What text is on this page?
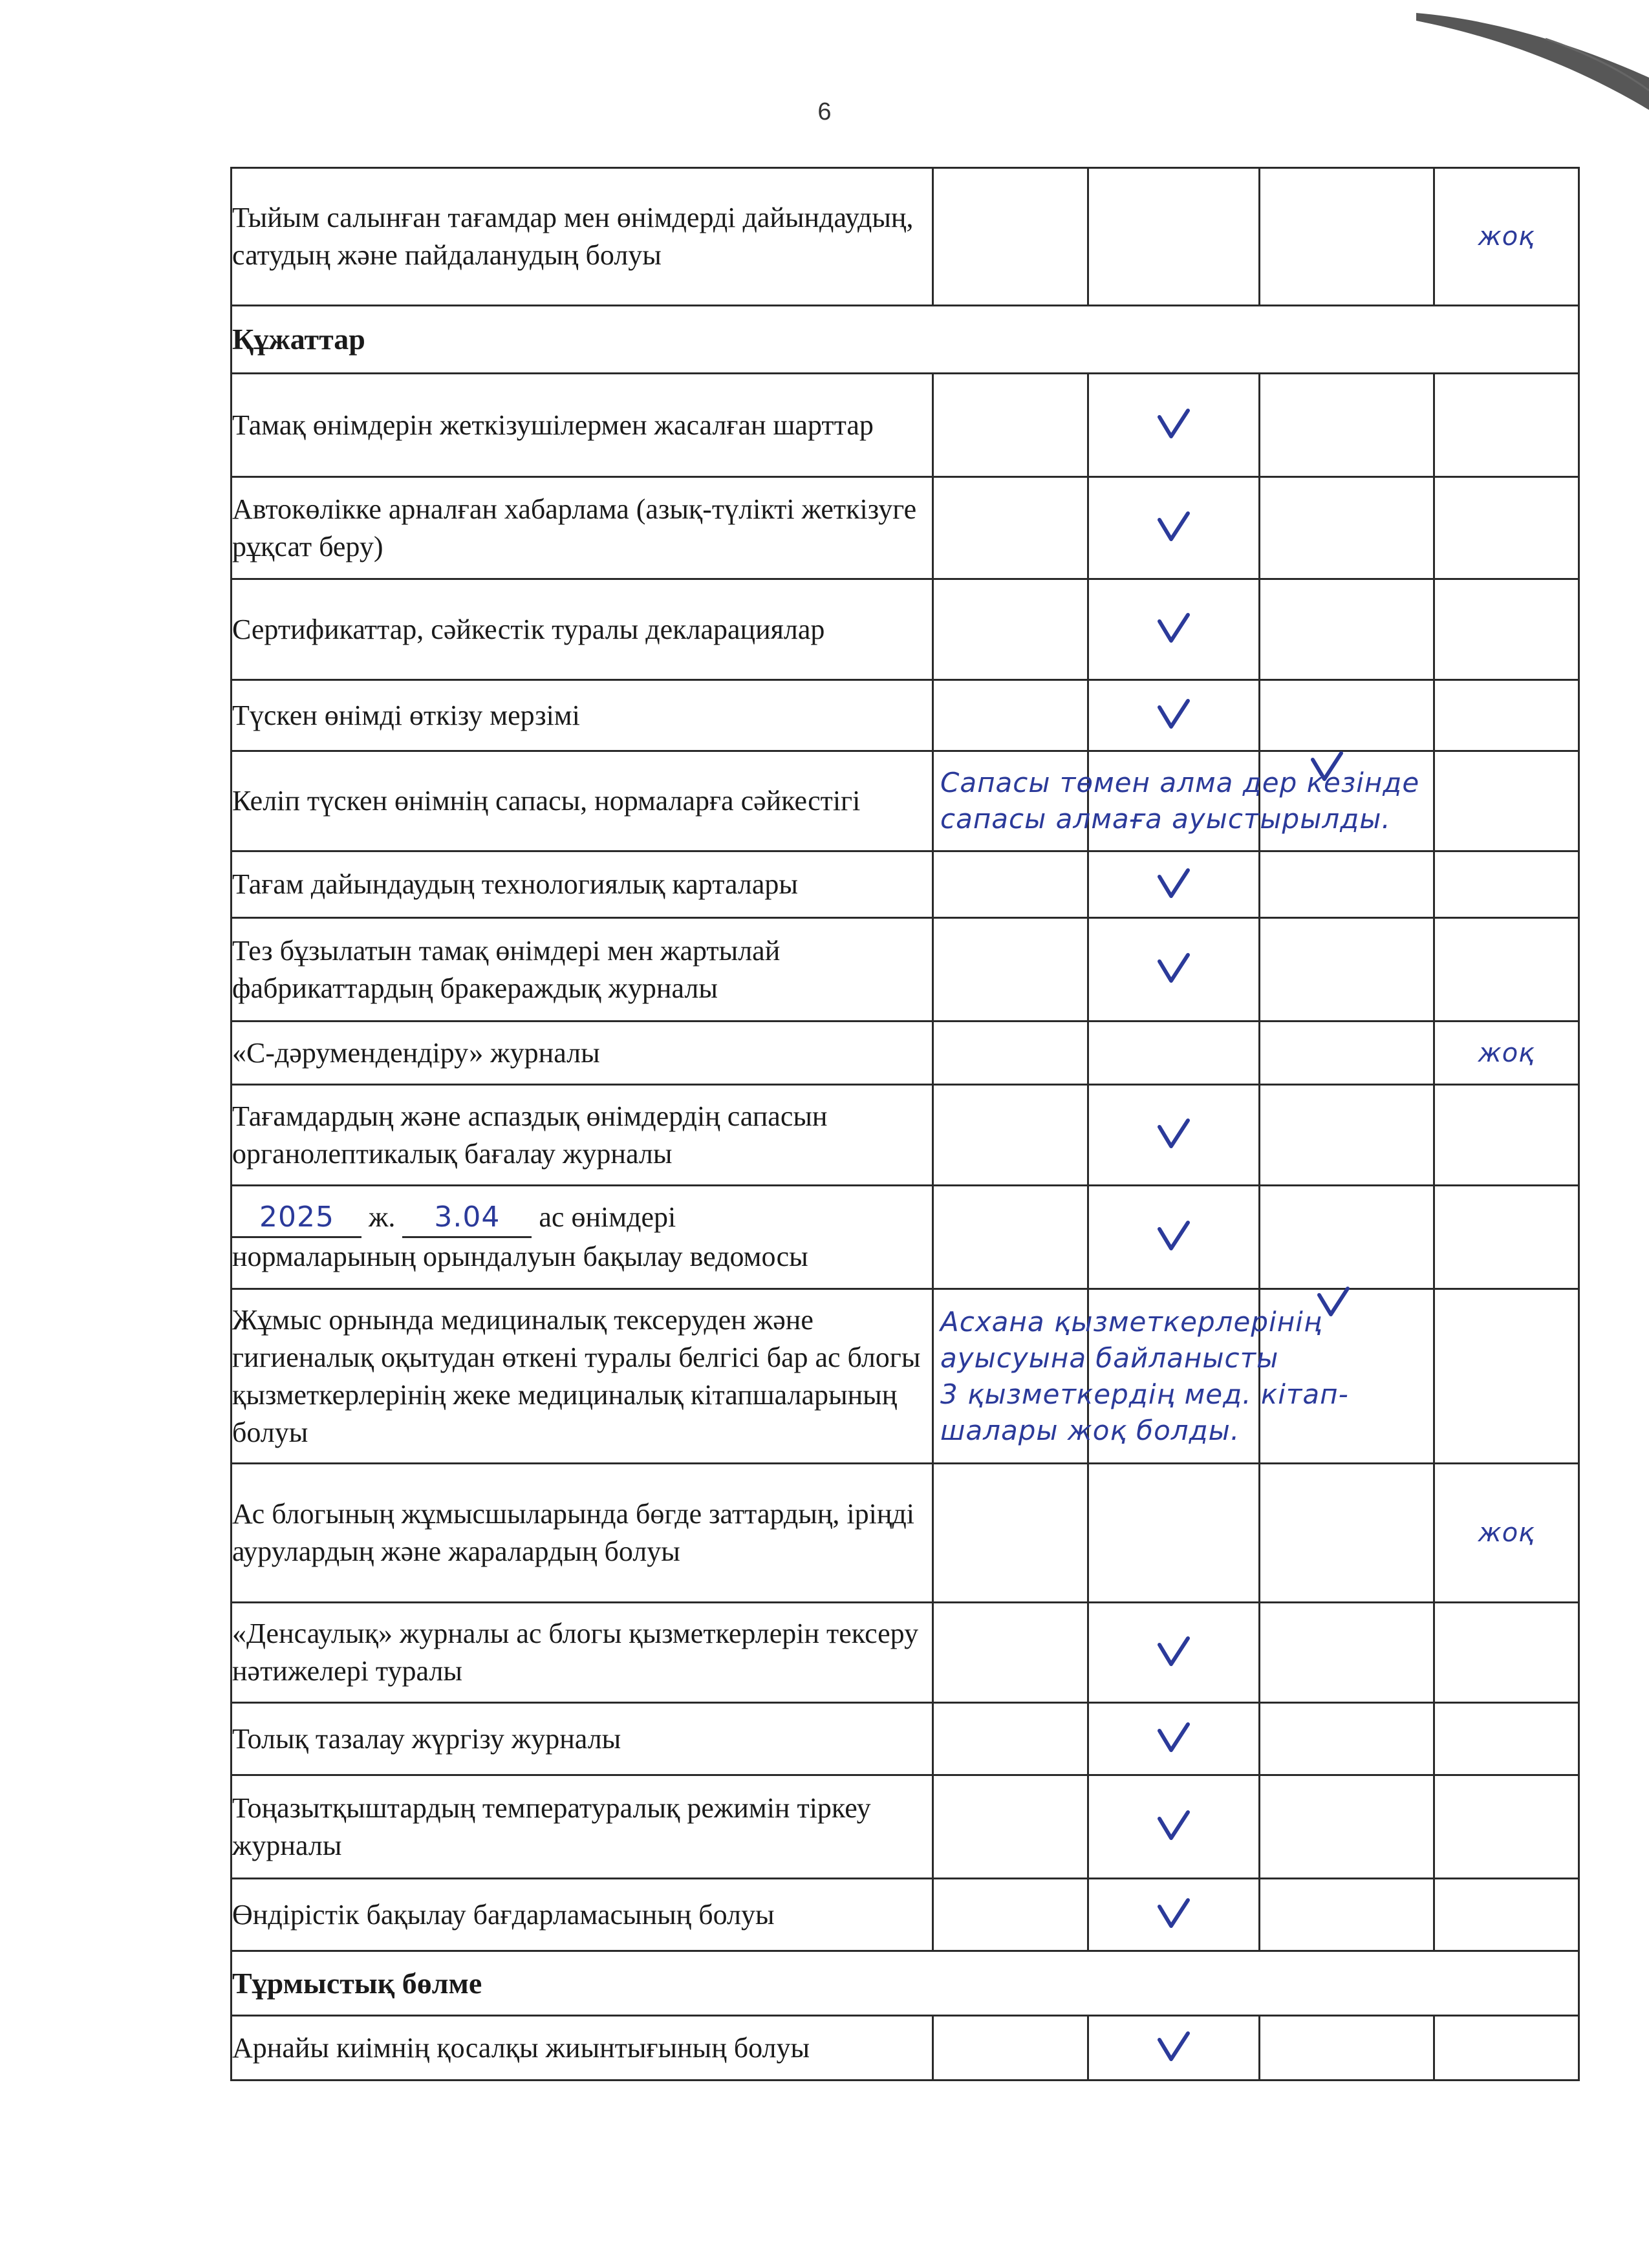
6
Тыйым салынған тағамдар мен өнімдерді дайындаудың, сатудың және пайдаланудың болуы				жоқ
Құжаттар				
Тамақ өнімдерін жеткізушілермен жасалған шарттар				
Автокөлікке арналған хабарлама (азық-түлікті жеткізуге рұқсат беру)				
Сертификаттар, сәйкестік туралы декларациялар				
Түскен өнімді өткізу мерзімі				
Келіп түскен өнімнің сапасы, нормаларға сәйкестігі	Сапасы төмен алма дер кезінде
сапасы алмаға ауыстырылды.			

Тағам дайындаудың технологиялық карталары				
Тез бұзылатын тамақ өнімдері мен жартылай фабрикаттардың бракераждық журналы				
«С-дәрумендендіру» журналы				жоқ
Тағамдардың және аспаздық өнімдердің сапасын органолептикалық бағалау журналы				
2025 ж. 3.04 ас өнімдері
нормаларының орындалуын бақылау ведомосы				
Жұмыс орнында медициналық тексеруден және гигиеналық оқытудан өткені туралы белгісі бар ас блогы қызметкерлерінің жеке медициналық кітапшаларының болуы	Асхана қызметкерлерінің
ауысуына байланысты
3 қызметкердің мед. кітап-
шалары жоқ болды.			

Ас блогының жұмысшыларында бөгде заттардың, іріңді аурулардың және жаралардың болуы				жоқ
«Денсаулық» журналы ас блогы қызметкерлерін тексеру нәтижелері туралы				
Толық тазалау жүргізу журналы				
Тоңазытқыштардың температуралық режимін тіркеу журналы				
Өндірістік бақылау бағдарламасының болуы				
Тұрмыстық бөлме				
Арнайы киімнің қосалқы жиынтығының болуы				
